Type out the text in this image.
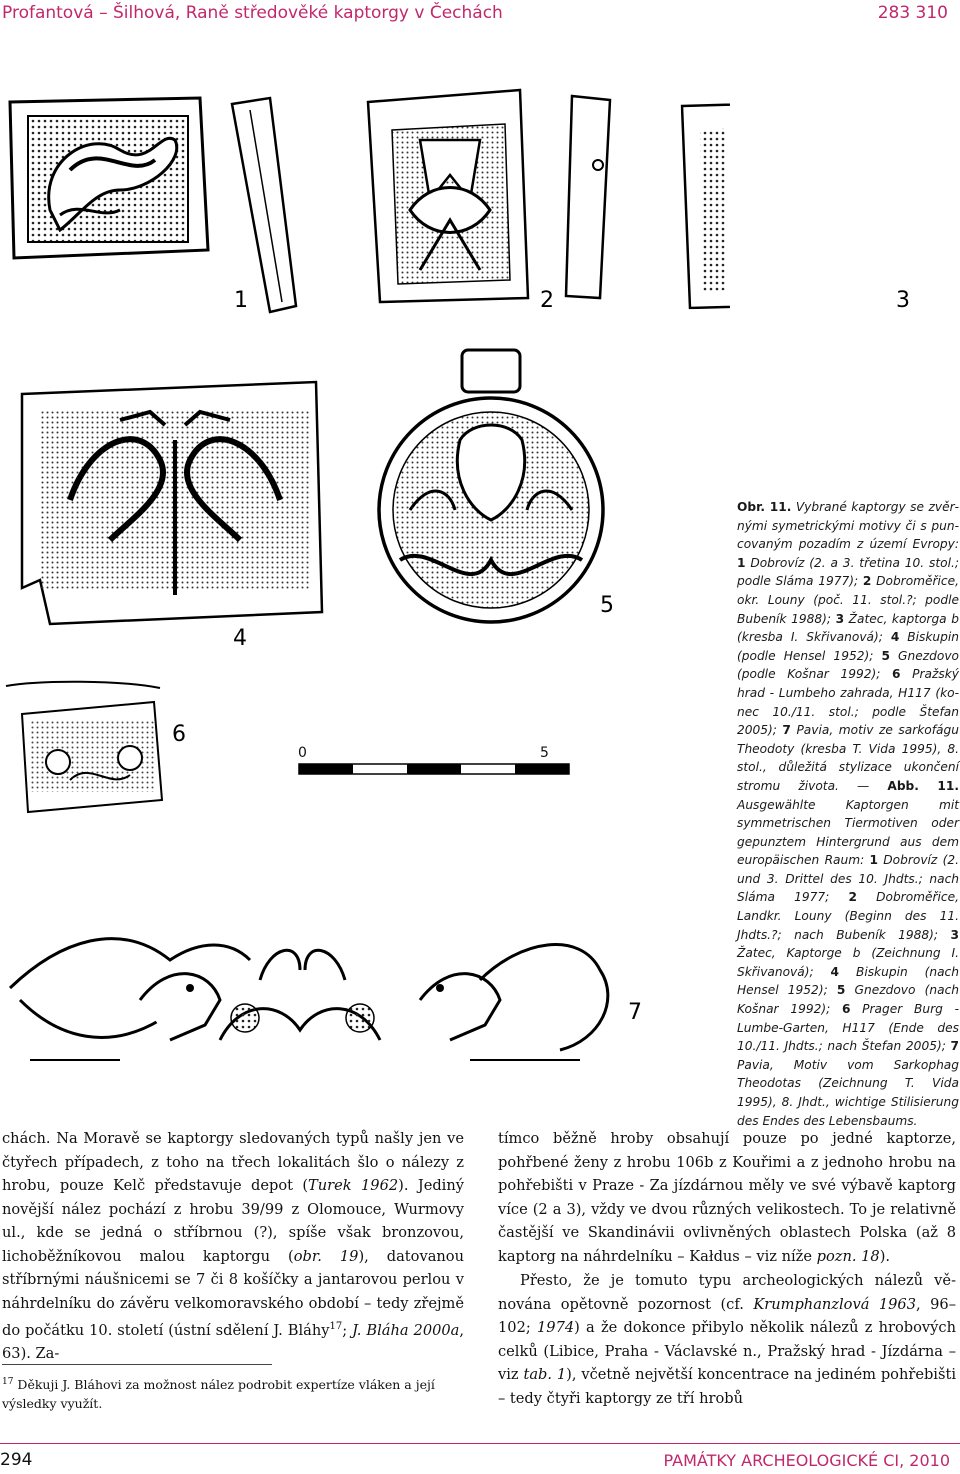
Profantová – Šilhová, Raně středověké kaptorgy v Čechách	283 310
1	2	3
4
5
6
7
0	5
Obr. 11. Vybrané kaptorgy se zvěrnými symetrickými motivy či s puncovaným pozadím z území Evropy: 1 Dobrovíz (2. a 3. třetina 10. stol.; podle Sláma 1977); 2 Dobroměřice, okr. Louny (poč. 11. stol.?; podle Bubeník 1988); 3 Žatec, kaptorga b (kresba I. Skřivanová); 4 Biskupin (podle Hensel 1952); 5 Gnezdovo (podle Košnar 1992); 6 Pražský hrad - Lumbeho zahrada, H117 (konec 10./11. stol.; podle Štefan 2005); 7 Pavia, motiv ze sarkofágu Theodoty (kresba T. Vida 1995), 8. stol., důležitá stylizace ukončení stromu života. — Abb. 11. Ausgewählte Kaptorgen mit symmetrischen Tiermotiven oder gepunztem Hintergrund aus dem europäischen Raum: 1 Dobrovíz (2. und 3. Drittel des 10. Jhdts.; nach Sláma 1977; 2 Dobroměřice, Landkr. Louny (Beginn des 11. Jhdts.?; nach Bubeník 1988); 3 Žatec, Kaptorge b (Zeichnung I. Skřivanová); 4 Biskupin (nach Hensel 1952); 5 Gnezdovo (nach Košnar 1992); 6 Prager Burg - Lumbe-Garten, H117 (Ende des 10./11. Jhdts.; nach Štefan 2005); 7 Pavia, Motiv vom Sarkophag Theodotas (Zeichnung T. Vida 1995), 8. Jhdt., wichtige Stilisierung des Endes des Lebensbaums.

chách. Na Moravě se kaptorgy sledovaných typů našly jen ve čtyřech případech, z toho na třech lokalitách šlo o nálezy z hrobu, pouze Kelč představuje depot (Turek 1962). Jediný novější nález pochází z hrobu 39/99 z Olomouce, Wurmovy ul., kde se jedná o stříbrnou (?), spíše však bronzovou, lichoběžníkovou malou kaptorgu (obr. 19), datovanou stříbrnými náušnicemi se 7 či 8 košíčky a jantarovou perlou v náhrdelníku do závěru velkomoravského období – tedy zřejmě do počátku 10. století (ústní sdělení J. Bláhy$^{17}$; J. Bláha 2000a, 63). Za-

tímco běžně hroby obsahují pouze po jedné kaptorze, pohřbené ženy z hrobu 106b z Kouřimi a z jednoho hrobu na pohřebišti v Praze - Za jízdárnou měly ve své výbavě kaptorg více (2 a 3), vždy ve dvou různých velikostech. To je relativně častější ve Skandinávii ovlivněných oblastech Polska (až 8 kaptorg na náhrdelníku – Kałdus – viz níže pozn. 18).

Přesto, že je tomuto typu archeologických nálezů věnována opětovně pozornost (cf. Krumphanzlová 1963, 96–102; 1974) a že dokonce přibylo několik nálezů z hrobových celků (Libice, Praha - Václavské n., Pražský hrad - Jízdárna – viz tab. 1), včetně největší koncentrace na jediném pohřebišti – tedy čtyři kaptorgy ze tří hrobů

$^{17}$ Děkuji J. Bláhovi za možnost nález podrobit expertíze vláken a její výsledky využít.
294	PAMÁTKY ARCHEOLOGICKÉ CI, 2010
